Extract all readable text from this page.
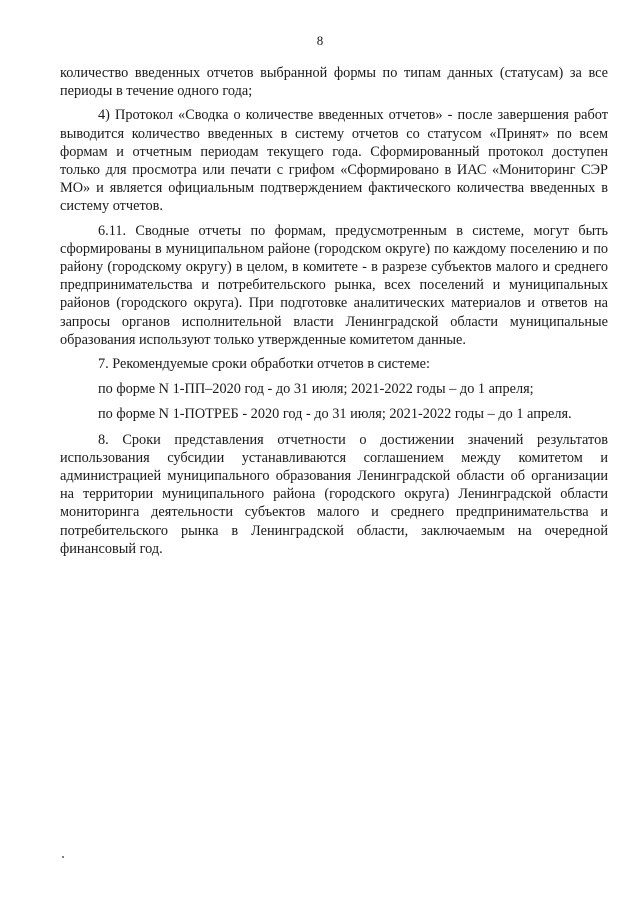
8

количество введенных отчетов выбранной формы по типам данных (статусам) за все периоды в течение одного года;

4) Протокол «Сводка о количестве введенных отчетов» - после завершения работ выводится количество введенных в систему отчетов со статусом «Принят» по всем формам и отчетным периодам текущего года. Сформированный протокол доступен только для просмотра или печати с грифом «Сформировано в ИАС «Мониторинг СЭР МО» и является официальным подтверждением фактического количества введенных в систему отчетов.

6.11. Сводные отчеты по формам, предусмотренным в системе, могут быть сформированы в муниципальном районе (городском округе) по каждому поселению и по району (городскому округу) в целом, в комитете - в разрезе субъектов малого и среднего предпринимательства и потребительского рынка, всех поселений и муниципальных районов (городского округа). При подготовке аналитических материалов и ответов на запросы органов исполнительной власти Ленинградской области муниципальные образования используют только утвержденные комитетом данные.

7. Рекомендуемые сроки обработки отчетов в системе:

по форме N 1-ПП–2020 год - до 31 июля; 2021-2022 годы – до 1 апреля;

по форме N 1-ПОТРЕБ - 2020 год - до 31 июля; 2021-2022 годы – до 1 апреля.

8. Сроки представления отчетности о достижении значений результатов использования субсидии устанавливаются соглашением между комитетом и администрацией муниципального образования Ленинградской области об организации на территории муниципального района (городского округа) Ленинградской области мониторинга деятельности субъектов малого и среднего предпринимательства и потребительского рынка в Ленинградской области, заключаемым на очередной финансовый год.
